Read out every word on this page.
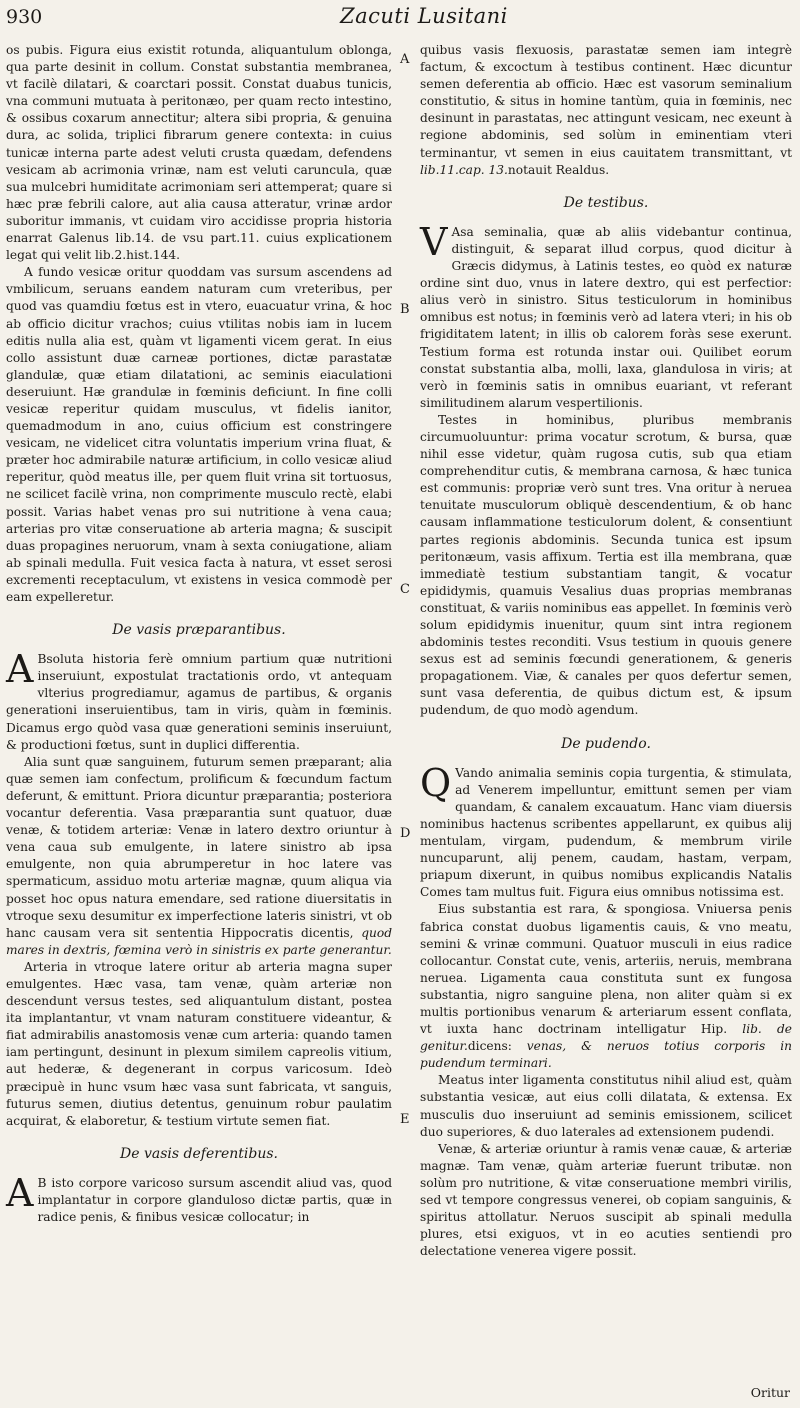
930	Zacuti Lusitani

os pubis. Figura eius existit rotunda, aliquantulum oblonga, qua parte desinit in collum. Constat substantia membranea, vt facilè dilatari, & coarctari possit. Constat duabus tunicis, vna communi mutuata à peritonæo, per quam recto intestino, & ossibus coxarum annectitur; altera sibi propria, & genuina dura, ac solida, triplici fibrarum genere contexta: in cuius tunicæ interna parte adest veluti crusta quædam, defendens vesicam ab acrimonia vrinæ, nam est veluti caruncula, quæ sua mulcebri humiditate acrimoniam seri attemperat; quare si hæc præ febrili calore, aut alia causa atteratur, vrinæ ardor suboritur immanis, vt cuidam viro accidisse propria historia enarrat Galenus lib.14. de vsu part.11. cuius explicationem legat qui velit lib.2.hist.144.

A fundo vesicæ oritur quoddam vas sursum ascendens ad vmbilicum, seruans eandem naturam cum vreteribus, per quod vas quamdiu fœtus est in vtero, euacuatur vrina, & hoc ab officio dicitur vrachos; cuius vtilitas nobis iam in lucem editis nulla alia est, quàm vt ligamenti vicem gerat. In eius collo assistunt duæ carneæ portiones, dictæ parastatæ glandulæ, quæ etiam dilatationi, ac seminis eiaculationi deseruiunt. Hæ grandulæ in fœminis deficiunt. In fine colli vesicæ reperitur quidam musculus, vt fidelis ianitor, quemadmodum in ano, cuius officium est constringere vesicam, ne videlicet citra voluntatis imperium vrina fluat, & præter hoc admirabile naturæ artificium, in collo vesicæ aliud reperitur, quòd meatus ille, per quem fluit vrina sit tortuosus, ne scilicet facilè vrina, non comprimente musculo rectè, elabi possit. Varias habet venas pro sui nutritione à vena caua; arterias pro vitæ conseruatione ab arteria magna; & suscipit duas propagines neruorum, vnam à sexta coniugatione, aliam ab spinali medulla. Fuit vesica facta à natura, vt esset serosi excrementi receptaculum, vt existens in vesica commodè per eam expelleretur.

De vasis præparantibus.

A Bsoluta historia ferè omnium partium quæ nutritioni inseruiunt, expostulat tractationis ordo, vt antequam vlterius progrediamur, agamus de partibus, & organis generationi inseruientibus, tam in viris, quàm in fœminis. Dicamus ergo quòd vasa quæ generationi seminis inseruiunt, & productioni fœtus, sunt in duplici differentia.

Alia sunt quæ sanguinem, futurum semen præparant; alia quæ semen iam confectum, prolificum & fœcundum factum deferunt, & emittunt. Priora dicuntur præparantia; posteriora vocantur deferentia. Vasa præparantia sunt quatuor, duæ venæ, & totidem arteriæ: Venæ in latero dextro oriuntur à vena caua sub emulgente, in latere sinistro ab ipsa emulgente, non quia abrumperetur in hoc latere vas spermaticum, assiduo motu arteriæ magnæ, quum aliqua via posset hoc opus natura emendare, sed ratione diuersitatis in vtroque sexu desumitur ex imperfectione lateris sinistri, vt ob hanc causam vera sit sententia Hippocratis dicentis, quod mares in dextris, fœmina verò in sinistris ex parte generantur.

Arteria in vtroque latere oritur ab arteria magna super emulgentes. Hæc vasa, tam venæ, quàm arteriæ non descendunt versus testes, sed aliquantulum distant, postea ita implantantur, vt vnam naturam constituere videantur, & fiat admirabilis anastomosis venæ cum arteria: quando tamen iam pertingunt, desinunt in plexum similem capreolis vitium, aut hederæ, & degenerant in corpus varicosum. Ideò præcipuè in hunc vsum hæc vasa sunt fabricata, vt sanguis, futurus semen, diutius detentus, genuinum robur paulatim acquirat, & elaboretur, & testium virtute semen fiat.

De vasis deferentibus.

A B isto corpore varicoso sursum ascendit aliud vas, quod implantatur in corpore glanduloso dictæ partis, quæ in radice penis, & finibus vesicæ collocatur; in

quibus vasis flexuosis, parastatæ semen iam integrè factum, & excoctum à testibus continent. Hæc dicuntur semen deferentia ab officio. Hæc est vasorum seminalium constitutio, & situs in homine tantùm, quia in fœminis, nec desinunt in parastatas, nec attingunt vesicam, nec exeunt à regione abdominis, sed solùm in eminentiam vteri terminantur, vt semen in eius cauitatem transmittant, vt lib.11.cap. 13.notauit Realdus.

De testibus.

V Asa seminalia, quæ ab aliis videbantur continua, distinguit, & separat illud corpus, quod dicitur à Græcis didymus, à Latinis testes, eo quòd ex naturæ ordine sint duo, vnus in latere dextro, qui est perfectior: alius verò in sinistro. Situs testiculorum in hominibus omnibus est notus; in fœminis verò ad latera vteri; in his ob frigiditatem latent; in illis ob calorem foràs sese exerunt. Testium forma est rotunda instar oui. Quilibet eorum constat substantia alba, molli, laxa, glandulosa in viris; at verò in fœminis satis in omnibus euariant, vt referant similitudinem alarum vespertilionis.

Testes in hominibus, pluribus membranis circumuoluuntur: prima vocatur scrotum, & bursa, quæ nihil esse videtur, quàm rugosa cutis, sub qua etiam comprehenditur cutis, & membrana carnosa, & hæc tunica est communis: propriæ verò sunt tres. Vna oritur à neruea tenuitate musculorum obliquè descendentium, & ob hanc causam inflammatione testiculorum dolent, & consentiunt partes regionis abdominis. Secunda tunica est ipsum peritonæum, vasis affixum. Tertia est illa membrana, quæ immediatè testium substantiam tangit, & vocatur epididymis, quamuis Vesalius duas proprias membranas constituat, & variis nominibus eas appellet. In fœminis verò solum epididymis inuenitur, quum sint intra regionem abdominis testes reconditi. Vsus testium in quouis genere sexus est ad seminis fœcundi generationem, & generis propagationem. Viæ, & canales per quos defertur semen, sunt vasa deferentia, de quibus dictum est, & ipsum pudendum, de quo modò agendum.

De pudendo.

Q Vando animalia seminis copia turgentia, & stimulata, ad Venerem impelluntur, emittunt semen per viam quandam, & canalem excauatum. Hanc viam diuersis nominibus hactenus scribentes appellarunt, ex quibus alij mentulam, virgam, pudendum, & membrum virile nuncuparunt, alij penem, caudam, hastam, verpam, priapum dixerunt, in quibus nomibus explicandis Natalis Comes tam multus fuit. Figura eius omnibus notissima est.

Eius substantia est rara, & spongiosa. Vniuersa penis fabrica constat duobus ligamentis cauis, & vno meatu, semini & vrinæ communi. Quatuor musculi in eius radice collocantur. Constat cute, venis, arteriis, neruis, membrana neruea. Ligamenta caua constituta sunt ex fungosa substantia, nigro sanguine plena, non aliter quàm si ex multis portionibus venarum & arteriarum essent conflata, vt iuxta hanc doctrinam intelligatur Hip. lib. de genitur.dicens: venas, & neruos totius corporis in pudendum terminari.

Meatus inter ligamenta constitutus nihil aliud est, quàm substantia vesicæ, aut eius colli dilatata, & extensa. Ex musculis duo inseruiunt ad seminis emissionem, scilicet duo superiores, & duo laterales ad extensionem pudendi.

Venæ, & arteriæ oriuntur à ramis venæ cauæ, & arteriæ magnæ. Tam venæ, quàm arteriæ fuerunt tributæ. non solùm pro nutritione, & vitæ conseruatione membri virilis, sed vt tempore congressus venerei, ob copiam sanguinis, & spiritus attollatur. Neruos suscipit ab spinali medulla plures, etsi exiguos, vt in eo acuties sentiendi pro delectatione venerea vigere possit.

A
B
C
D
E
Oritur
